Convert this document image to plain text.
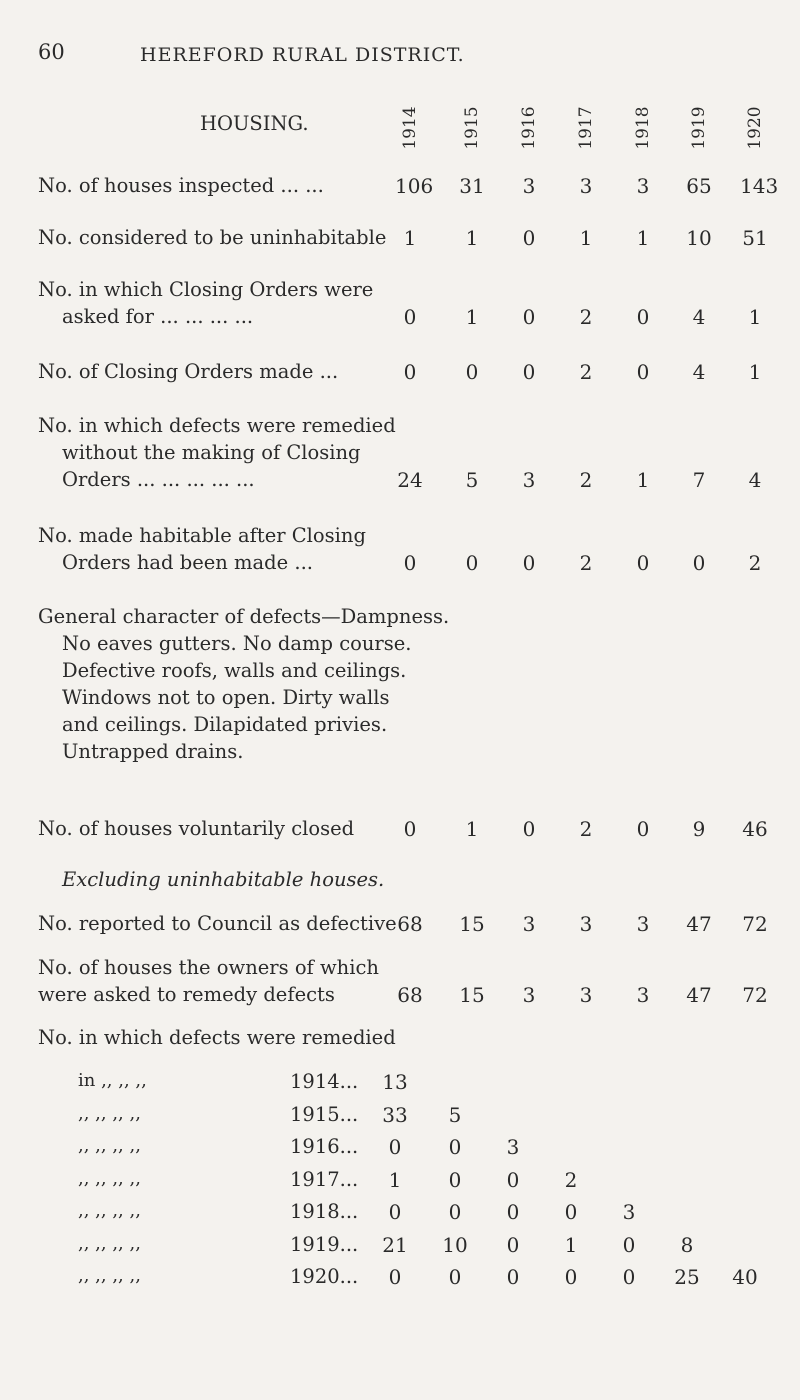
60	HEREFORD RURAL DISTRICT.
HOUSING.	1914 1915 1916 1917 1918 1919 1920
No. of houses inspected ... ...	106 31	3	3	3	65 143
No. considered to be uninhabitable 1	1	0	1	1	10 51
No. in which Closing Orders were
asked for ... ... ... ...	0	1	0	2	0	4	1
No. of Closing Orders made ...	0	0	0	2	0	4	1
No. in which defects were remedied
without the making of Closing
Orders ... ... ... ... ...	24	5	3	2	1	7	4
No. made habitable after Closing
Orders had been made ...	0	0	0	2	0	0	2
General character of defects—Dampness.
No eaves gutters. No damp course.
Defective roofs, walls and ceilings.
Windows not to open. Dirty walls
and ceilings. Dilapidated privies.
Untrapped drains.
No. of houses voluntarily closed	0	1	0	2	0	9	46
Excluding uninhabitable houses.
No. reported to Council as defective 68 15	3	3	3	47 72
No. of houses the owners of which
were asked to remedy defects	68 15	3	3	3	47 72
No. in which defects were remedied
in ,, ,, ,,	1914... 13
,, ,, ,, ,,	1915... 33	5
,, ,, ,, ,,	1916...	0	0	3
,, ,, ,, ,,	1917...	1	0	0	2
,, ,, ,, ,,	1918...	0	0	0	0	3
,, ,, ,, ,,	1919... 21 10	0	1	0	8
,, ,, ,, ,,	1920...	0	0	0	0	0	25 40
